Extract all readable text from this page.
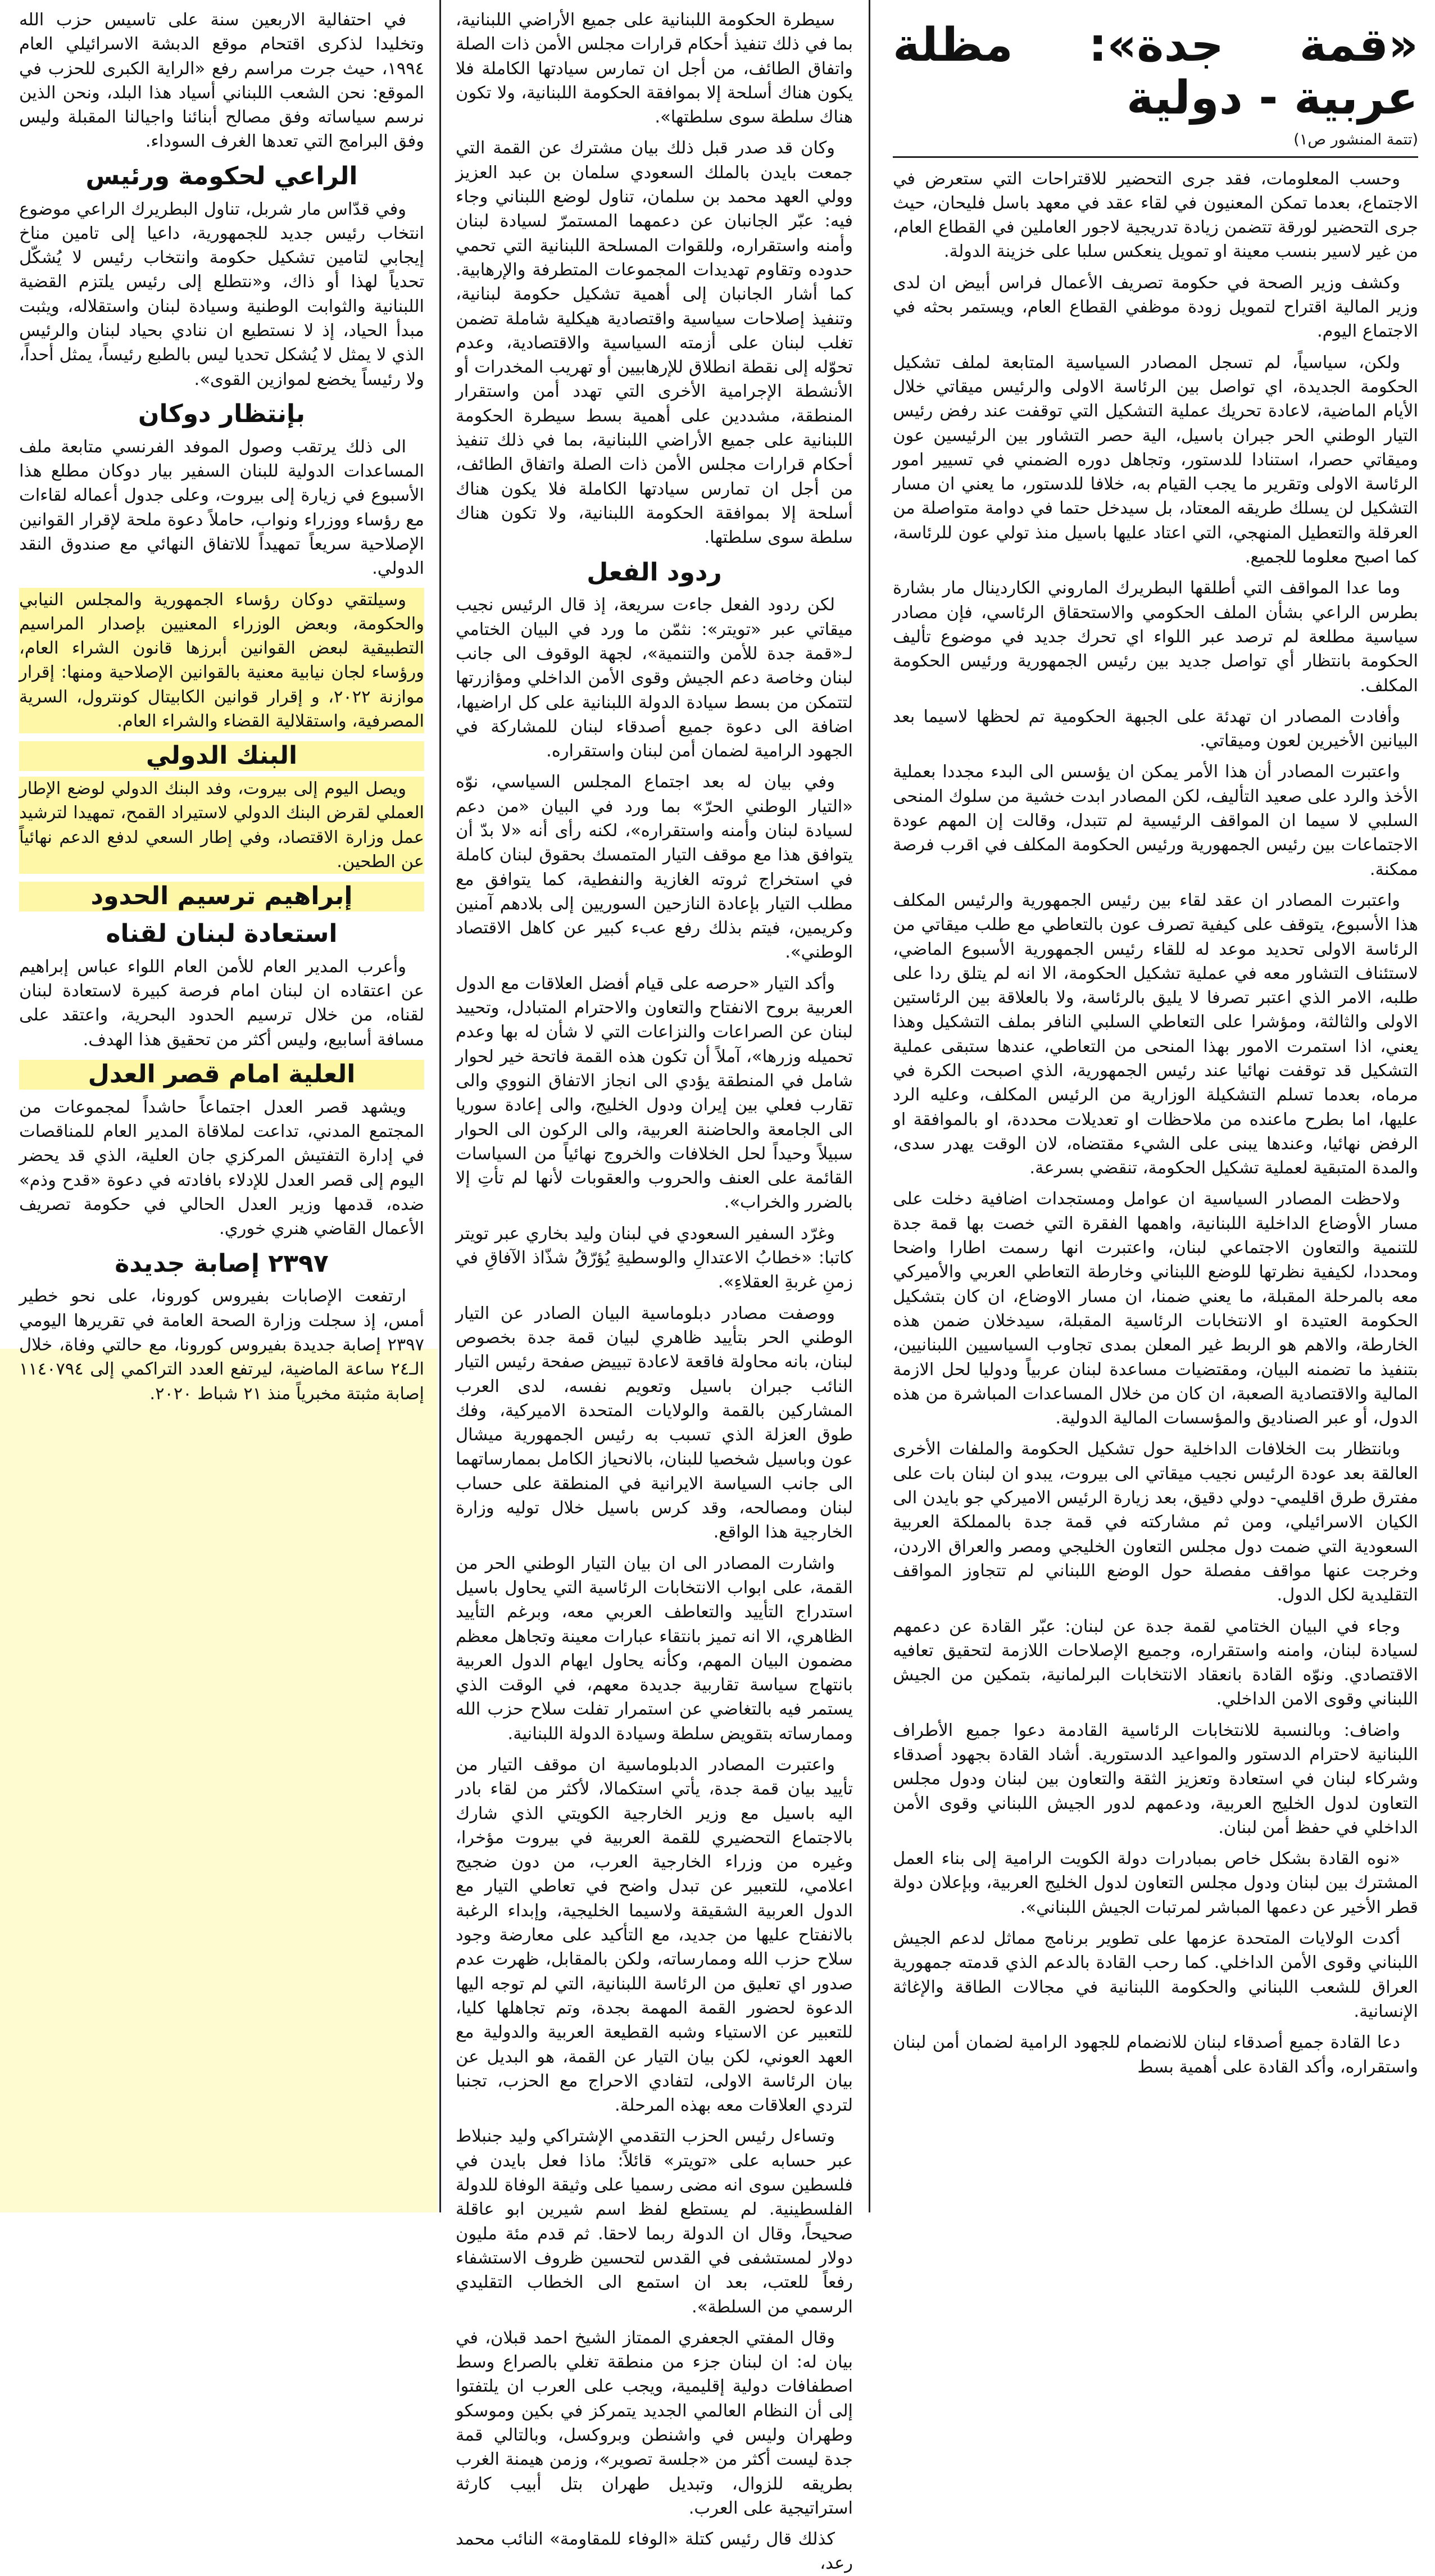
«قمة جدة»: مظلة عربية - دولية
(تتمة المنشور ص١)

وحسب المعلومات، فقد جرى التحضير للاقتراحات التي ستعرض في الاجتماع، بعدما تمكن المعنيون في لقاء عقد في معهد باسل فليحان، حيث جرى التحضير لورقة تتضمن زيادة تدريجية لاجور العاملين في القطاع العام، من غير لاسير بنسب معينة او تمويل ينعكس سلبا على خزينة الدولة.

وكشف وزير الصحة في حكومة تصريف الأعمال فراس أبيض ان لدى وزير المالية اقتراح لتمويل زودة موظفي القطاع العام، ويستمر بحثه في الاجتماع اليوم.

ولكن، سياسياً، لم تسجل المصادر السياسية المتابعة لملف تشكيل الحكومة الجديدة، اي تواصل بين الرئاسة الاولى والرئيس ميقاتي خلال الأيام الماضية، لاعادة تحريك عملية التشكيل التي توقفت عند رفض رئيس التيار الوطني الحر جبران باسيل، الية حصر التشاور بين الرئيسين عون وميقاتي حصرا، استنادا للدستور، وتجاهل دوره الضمني في تسيير امور الرئاسة الاولى وتقرير ما يجب القيام به، خلافا للدستور، ما يعني ان مسار التشكيل لن يسلك طريقه المعتاد، بل سيدخل حتما في دوامة متواصلة من العرقلة والتعطيل المنهجي، التي اعتاد عليها باسيل منذ تولي عون للرئاسة، كما اصبح معلوما للجميع.

وما عدا المواقف التي أطلقها البطريرك الماروني الكاردينال مار بشارة بطرس الراعي بشأن الملف الحكومي والاستحقاق الرئاسي، فإن مصادر سياسية مطلعة لم ترصد عبر اللواء اي تحرك جديد في موضوع تأليف الحكومة بانتظار أي تواصل جديد بين رئيس الجمهورية ورئيس الحكومة المكلف.

وأفادت المصادر ان تهدئة على الجبهة الحكومية تم لحظها لاسيما بعد البيانين الأخيرين لعون وميقاتي.

واعتبرت المصادر أن هذا الأمر يمكن ان يؤسس الى البدء مجددا بعملية الأخذ والرد على صعيد التأليف، لكن المصادر ابدت خشية من سلوك المنحى السلبي لا سيما ان المواقف الرئيسية لم تتبدل، وقالت إن المهم عودة الاجتماعات بين رئيس الجمهورية ورئيس الحكومة المكلف في اقرب فرصة ممكنة.

واعتبرت المصادر ان عقد لقاء بين رئيس الجمهورية والرئيس المكلف هذا الأسبوع، يتوقف على كيفية تصرف عون بالتعاطي مع طلب ميقاتي من الرئاسة الاولى تحديد موعد له للقاء رئيس الجمهورية الأسبوع الماضي، لاستئناف التشاور معه في عملية تشكيل الحكومة، الا انه لم يتلق ردا على طلبه، الامر الذي اعتبر تصرفا لا يليق بالرئاسة، ولا بالعلاقة بين الرئاستين الاولى والثالثة، ومؤشرا على التعاطي السلبي النافر بملف التشكيل وهذا يعني، اذا استمرت الامور بهذا المنحى من التعاطي، عندها ستبقى عملية التشكيل قد توقفت نهائيا عند رئيس الجمهورية، الذي اصبحت الكرة في مرماه، بعدما تسلم التشكيلة الوزارية من الرئيس المكلف، وعليه الرد عليها، اما بطرح ماعنده من ملاحظات او تعديلات محددة، او بالموافقة او الرفض نهائيا، وعندها يبنى على الشيء مقتضاه، لان الوقت يهدر سدى، والمدة المتبقية لعملية تشكيل الحكومة، تنقضي بسرعة.

ولاحظت المصادر السياسية ان عوامل ومستجدات اضافية دخلت على مسار الأوضاع الداخلية اللبنانية، واهمها الفقرة التي خصت بها قمة جدة للتنمية والتعاون الاجتماعي لبنان، واعتبرت انها رسمت اطارا واضحا ومحددا، لكيفية نظرتها للوضع اللبناني وخارطة التعاطي العربي والأميركي معه بالمرحلة المقبلة، ما يعني ضمنا، ان مسار الاوضاع، ان كان بتشكيل الحكومة العتيدة او الانتخابات الرئاسية المقبلة، سيدخلان ضمن هذه الخارطة، والاهم هو الربط غير المعلن بمدى تجاوب السياسيين اللبنانيين، بتنفيذ ما تضمنه البيان، ومقتضيات مساعدة لبنان عربياً ودوليا لحل الازمة المالية والاقتصادية الصعبة، ان كان من خلال المساعدات المباشرة من هذه الدول، أو عبر الصناديق والمؤسسات المالية الدولية.

وبانتظار بت الخلافات الداخلية حول تشكيل الحكومة والملفات الأخرى العالقة بعد عودة الرئيس نجيب ميقاتي الى بيروت، يبدو ان لبنان بات على مفترق طرق اقليمي- دولي دقيق، بعد زيارة الرئيس الاميركي جو بايدن الى الكيان الاسرائيلي، ومن ثم مشاركته في قمة جدة بالمملكة العربية السعودية التي ضمت دول مجلس التعاون الخليجي ومصر والعراق الاردن، وخرجت عنها مواقف مفصلة حول الوضع اللبناني لم تتجاوز المواقف التقليدية لكل الدول.

وجاء في البيان الختامي لقمة جدة عن لبنان: عبّر القادة عن دعمهم لسيادة لبنان، وامنه واستقراره، وجميع الإصلاحات اللازمة لتحقيق تعافيه الاقتصادي. ونوّه القادة بانعقاد الانتخابات البرلمانية، بتمكين من الجيش اللبناني وقوى الامن الداخلي.

واضاف: وبالنسبة للانتخابات الرئاسية القادمة دعوا جميع الأطراف اللبنانية لاحترام الدستور والمواعيد الدستورية. أشاد القادة بجهود أصدقاء وشركاء لبنان في استعادة وتعزيز الثقة والتعاون بين لبنان ودول مجلس التعاون لدول الخليج العربية، ودعمهم لدور الجيش اللبناني وقوى الأمن الداخلي في حفظ أمن لبنان.

«نوه القادة بشكل خاص بمبادرات دولة الكويت الرامية إلى بناء العمل المشترك بين لبنان ودول مجلس التعاون لدول الخليج العربية، وبإعلان دولة قطر الأخير عن دعمها المباشر لمرتبات الجيش اللبناني».

أكدت الولايات المتحدة عزمها على تطوير برنامج مماثل لدعم الجيش اللبناني وقوى الأمن الداخلي. كما رحب القادة بالدعم الذي قدمته جمهورية العراق للشعب اللبناني والحكومة اللبنانية في مجالات الطاقة والإغاثة الإنسانية.

دعا القادة جميع أصدقاء لبنان للانضمام للجهود الرامية لضمان أمن لبنان واستقراره، وأكد القادة على أهمية بسط

سيطرة الحكومة اللبنانية على جميع الأراضي اللبنانية، بما في ذلك تنفيذ أحكام قرارات مجلس الأمن ذات الصلة واتفاق الطائف، من أجل ان تمارس سيادتها الكاملة فلا يكون هناك أسلحة إلا بموافقة الحكومة اللبنانية، ولا تكون هناك سلطة سوى سلطتها».

وكان قد صدر قبل ذلك بيان مشترك عن القمة التي جمعت بايدن بالملك السعودي سلمان بن عبد العزيز وولي العهد محمد بن سلمان، تناول لوضع اللبناني وجاء فيه: عبّر الجانبان عن دعمهما المستمرّ لسيادة لبنان وأمنه واستقراره، وللقوات المسلحة اللبنانية التي تحمي حدوده وتقاوم تهديدات المجموعات المتطرفة والإرهابية. كما أشار الجانبان إلى أهمية تشكيل حكومة لبنانية، وتنفيذ إصلاحات سياسية واقتصادية هيكلية شاملة تضمن تغلب لبنان على أزمته السياسية والاقتصادية، وعدم تحوّله إلى نقطة انطلاق للإرهابيين أو تهريب المخدرات أو الأنشطة الإجرامية الأخرى التي تهدد أمن واستقرار المنطقة، مشددين على أهمية بسط سيطرة الحكومة اللبنانية على جميع الأراضي اللبنانية، بما في ذلك تنفيذ أحكام قرارات مجلس الأمن ذات الصلة واتفاق الطائف، من أجل ان تمارس سيادتها الكاملة فلا يكون هناك أسلحة إلا بموافقة الحكومة اللبنانية، ولا تكون هناك سلطة سوى سلطتها.

ردود الفعل

لكن ردود الفعل جاءت سريعة، إذ قال الرئيس نجيب ميقاتي عبر «تويتر»: نثمّن ما ورد في البيان الختامي لـ«قمة جدة للأمن والتنمية»، لجهة الوقوف الى جانب لبنان وخاصة دعم الجيش وقوى الأمن الداخلي ومؤازرتها لتتمكن من بسط سيادة الدولة اللبنانية على كل اراضيها، اضافة الى دعوة جميع أصدقاء لبنان للمشاركة في الجهود الرامية لضمان أمن لبنان واستقراره.

وفي بيان له بعد اجتماع المجلس السياسي، نوّه «التيار الوطني الحرّ» بما ورد في البيان «من دعم لسيادة لبنان وأمنه واستقراره»، لكنه رأى أنه «لا بدّ أن يتوافق هذا مع موقف التيار المتمسك بحقوق لبنان كاملة في استخراج ثروته الغازية والنفطية، كما يتوافق مع مطلب التيار بإعادة النازحين السوريين إلى بلادهم آمنين وكريمين، فيتم بذلك رفع عبء كبير عن كاهل الاقتصاد الوطني».

وأكد التيار «حرصه على قيام أفضل العلاقات مع الدول العربية بروح الانفتاح والتعاون والاحترام المتبادل، وتحييد لبنان عن الصراعات والنزاعات التي لا شأن له بها وعدم تحميله وزرها»، آملاً أن تكون هذه القمة فاتحة خير لحوار شامل في المنطقة يؤدي الى انجاز الاتفاق النووي والى تقارب فعلي بين إيران ودول الخليج، والى إعادة سوريا الى الجامعة والحاضنة العربية، والى الركون الى الحوار سبيلاً وحيداً لحل الخلافات والخروج نهائياً من السياسات القائمة على العنف والحروب والعقوبات لأنها لم تأتِ إلا بالضرر والخراب».

وغرّد السفير السعودي في لبنان وليد بخاري عبر تويتر كاتبا: «خطابُ الاعتدالِ والوسطيةِ يُؤرّقُ شذّاذ الآفاقِ في زمنِ غربةِ العقلاءِ».

ووصفت مصادر دبلوماسية البيان الصادر عن التيار الوطني الحر بتأييد ظاهري لبيان قمة جدة بخصوص لبنان، بانه محاولة فاقعة لاعادة تبييض صفحة رئيس التيار النائب جبران باسيل وتعويم نفسه، لدى العرب المشاركين بالقمة والولايات المتحدة الاميركية، وفك طوق العزلة الذي تسبب به رئيس الجمهورية ميشال عون وباسيل شخصيا للبنان، بالانحياز الكامل بممارساتهما الى جانب السياسة الايرانية في المنطقة على حساب لبنان ومصالحه، وقد كرس باسيل خلال توليه وزارة الخارجية هذا الواقع.

واشارت المصادر الى ان بيان التيار الوطني الحر من القمة، على ابواب الانتخابات الرئاسية التي يحاول باسيل استدراج التأييد والتعاطف العربي معه، وبرغم التأييد الظاهري، الا انه تميز بانتقاء عبارات معينة وتجاهل معظم مضمون البيان المهم، وكأنه يحاول ايهام الدول العربية بانتهاج سياسة تقاربية جديدة معهم، في الوقت الذي يستمر فيه بالتغاضي عن استمرار تفلت سلاح حزب الله وممارساته بتقويض سلطة وسيادة الدولة اللبنانية.

واعتبرت المصادر الدبلوماسية ان موقف التيار من تأييد بيان قمة جدة، يأتي استكمالا، لأكثر من لقاء بادر اليه باسيل مع وزير الخارجية الكويتي الذي شارك بالاجتماع التحضيري للقمة العربية في بيروت مؤخرا، وغيره من وزراء الخارجية العرب، من دون ضجيج اعلامي، للتعبير عن تبدل واضح في تعاطي التيار مع الدول العربية الشقيقة ولاسيما الخليجية، وإبداء الرغبة بالانفتاح عليها من جديد، مع التأكيد على معارضة وجود سلاح حزب الله وممارساته، ولكن بالمقابل، ظهرت عدم صدور اي تعليق من الرئاسة اللبنانية، التي لم توجه اليها الدعوة لحضور القمة المهمة بجدة، وتم تجاهلها كليا، للتعبير عن الاستياء وشبه القطيعة العربية والدولية مع العهد العوني، لكن بيان التيار عن القمة، هو البديل عن بيان الرئاسة الاولى، لتفادي الاحراج مع الحزب، تجنبا لتردي العلاقات معه بهذه المرحلة.

وتساءل رئيس الحزب التقدمي الإشتراكي وليد جنبلاط عبر حسابه على «تويتر» قائلاً: ماذا فعل بايدن في فلسطين سوى انه مضى رسميا على وثيقة الوفاة للدولة الفلسطينية. لم يستطع لفظ اسم شيرين ابو عاقلة صحيحاً، وقال ان الدولة ربما لاحقا. ثم قدم مئة مليون دولار لمستشفى في القدس لتحسين ظروف الاستشفاء رفعاً للعتب، بعد ان استمع الى الخطاب التقليدي الرسمي من السلطة».

وقال المفتي الجعفري الممتاز الشيخ احمد قبلان، في بيان له: ان لبنان جزء من منطقة تغلي بالصراع وسط اصطفافات دولية إقليمية، ويجب على العرب ان يلتفتوا إلى أن النظام العالمي الجديد يتمركز في بكين وموسكو وطهران وليس في واشنطن وبروكسل، وبالتالي قمة جدة ليست أكثر من «جلسة تصوير»، وزمن هيمنة الغرب بطريقه للزوال، وتبديل طهران بتل أبيب كارثة استراتيجية على العرب.

كذلك قال رئيس كتلة «الوفاء للمقاومة» النائب محمد رعد،

في احتفالية الاربعين سنة على تاسيس حزب الله وتخليدا لذكرى اقتحام موقع الدبشة الاسرائيلي العام ١٩٩٤، حيث جرت مراسم رفع «الراية الكبرى للحزب في الموقع: نحن الشعب اللبناني أسياد هذا البلد، ونحن الذين نرسم سياساته وفق مصالح أبنائنا واجيالنا المقبلة وليس وفق البرامج التي تعدها الغرف السوداء.

الراعي لحكومة ورئيس

وفي قدّاس مار شربل، تناول البطريرك الراعي موضوع انتخاب رئيس جديد للجمهورية، داعيا إلى تامين مناخ إيجابي لتامين تشكيل حكومة وانتخاب رئيس لا يُشكّل تحدياً لهذا أو ذاك، و«نتطلع إلى رئيس يلتزم القضية اللبنانية والثوابت الوطنية وسيادة لبنان واستقلاله، ويثبت مبدأ الحياد، إذ لا نستطيع ان ننادي بحياد لبنان والرئيس الذي لا يمثل لا يُشكل تحديا ليس بالطبع رئيساً، يمثل أحداً، ولا رئيساً يخضع لموازين القوى».

بإنتظار دوكان

الى ذلك يرتقب وصول الموفد الفرنسي متابعة ملف المساعدات الدولية للبنان السفير بيار دوكان مطلع هذا الأسبوع في زيارة إلى بيروت، وعلى جدول أعماله لقاءات مع رؤساء ووزراء ونواب، حاملاً دعوة ملحة لإقرار القوانين الإصلاحية سريعاً تمهيداً للاتفاق النهائي مع صندوق النقد الدولي.

وسيلتقي دوكان رؤساء الجمهورية والمجلس النيابي والحكومة، وبعض الوزراء المعنيين بإصدار المراسيم التطبيقية لبعض القوانين أبرزها قانون الشراء العام، ورؤساء لجان نيابية معنية بالقوانين الإصلاحية ومنها: إقرار موازنة ٢٠٢٢، و إقرار قوانين الكابيتال كونترول، السرية المصرفية، واستقلالية القضاء والشراء العام.

البنك الدولي

ويصل اليوم إلى بيروت، وفد البنك الدولي لوضع الإطار العملي لقرض البنك الدولي لاستيراد القمح، تمهيدا لترشيد عمل وزارة الاقتصاد، وفي إطار السعي لدفع الدعم نهائياً عن الطحين.

إبراهيم ترسيم الحدود
استعادة لبنان لقناه

وأعرب المدير العام للأمن العام اللواء عباس إبراهيم عن اعتقاده ان لبنان امام فرصة كبيرة لاستعادة لبنان لقناه، من خلال ترسيم الحدود البحرية، واعتقد على مسافة أسابيع، وليس أكثر من تحقيق هذا الهدف.

العلية امام قصر العدل

ويشهد قصر العدل اجتماعاً حاشداً لمجموعات من المجتمع المدني، تداعت لملاقاة المدير العام للمناقصات في إدارة التفتيش المركزي جان العلية، الذي قد يحضر اليوم إلى قصر العدل للإدلاء بافادته في دعوة «قدح وذم» ضده، قدمها وزير العدل الحالي في حكومة تصريف الأعمال القاضي هنري خوري.

٢٣٩٧ إصابة جديدة

ارتفعت الإصابات بفيروس كورونا، على نحو خطير أمس، إذ سجلت وزارة الصحة العامة في تقريرها اليومي ٢٣٩٧ إصابة جديدة بفيروس كورونا، مع حالتي وفاة، خلال الـ٢٤ ساعة الماضية، ليرتفع العدد التراكمي إلى ١١٤٠٧٩٤ إصابة مثبتة مخبرياً منذ ٢١ شباط ٢٠٢٠.
